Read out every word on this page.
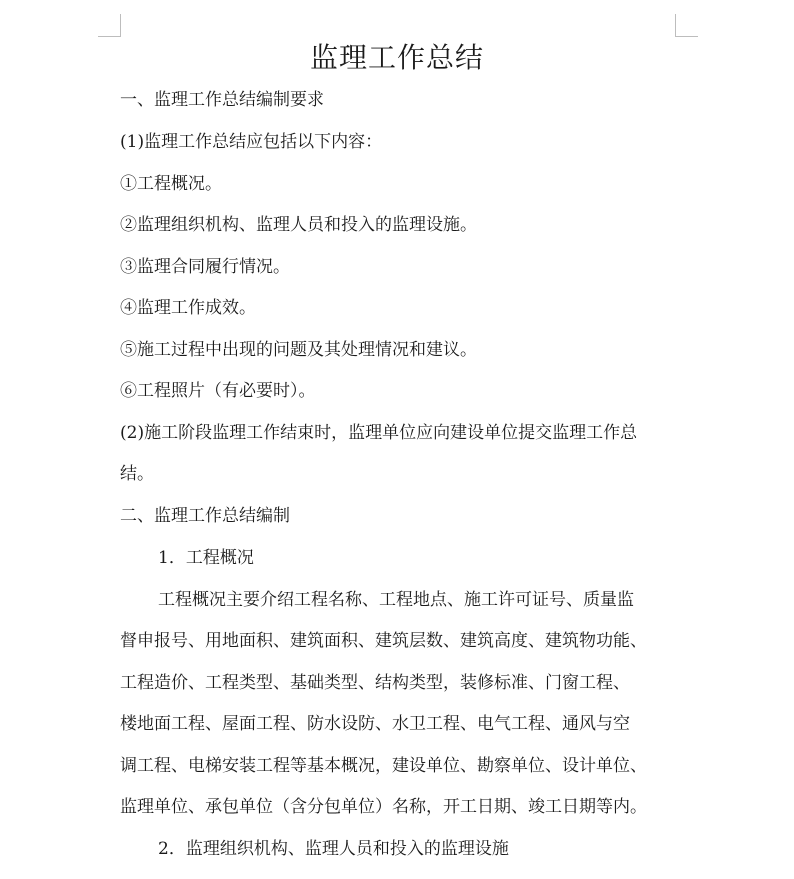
监理工作总结
一、监理工作总结编制要求
(1)监理工作总结应包括以下内容：
①工程概况。
②监理组织机构、监理人员和投入的监理设施。
③监理合同履行情况。
④监理工作成效。
⑤施工过程中出现的问题及其处理情况和建议。
⑥工程照片（有必要时）。
(2)施工阶段监理工作结束时，监理单位应向建设单位提交监理工作总
结。
二、监理工作总结编制
1．工程概况
工程概况主要介绍工程名称、工程地点、施工许可证号、质量监
督申报号、用地面积、建筑面积、建筑层数、建筑高度、建筑物功能、
工程造价、工程类型、基础类型、结构类型，装修标准、门窗工程、
楼地面工程、屋面工程、防水设防、水卫工程、电气工程、通风与空
调工程、电梯安装工程等基本概况，建设单位、勘察单位、设计单位、
监理单位、承包单位（含分包单位）名称，开工日期、竣工日期等内。
2．监理组织机构、监理人员和投入的监理设施
